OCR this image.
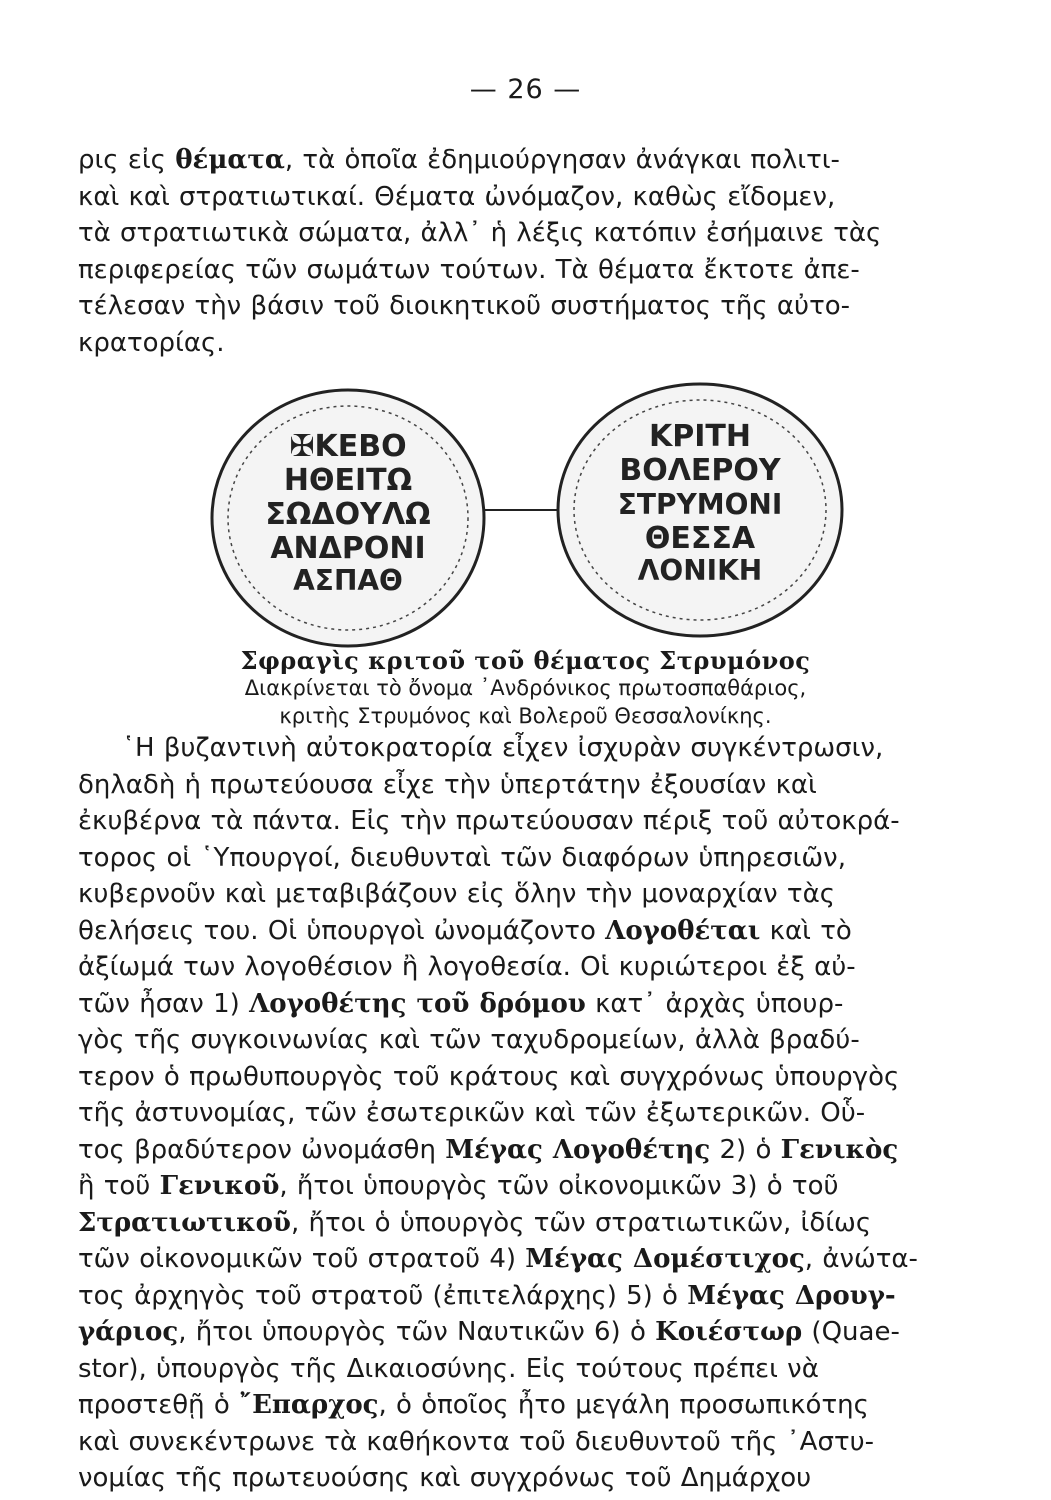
— 26 —
ρις εἰς θέματα, τὰ ὁποῖα ἐδημιούργησαν ἀνάγκαι πολιτι-
καὶ καὶ στρατιωτικαί. Θέματα ὠνόμαζον, καθὼς εἴδομεν,
τὰ στρατιωτικὰ σώματα, ἀλλ᾽ ἡ λέξις κατόπιν ἐσήμαινε τὰς
περιφερείας τῶν σωμάτων τούτων. Τὰ θέματα ἔκτοτε ἀπε-
τέλεσαν τὴν βάσιν τοῦ διοικητικοῦ συστήματος τῆς αὐτο-
κρατορίας.
✠ΚΕΒΟ
ΗΘΕΙΤΩ
ΣΩΔΟΥΛΩ
ΑΝΔΡΟΝΙ
ΑΣΠΑΘ
ΚΡΙΤΗ
ΒΟΛΕΡΟΥ
ΣΤΡΥΜΟΝΙ
ΘΕΣΣΑ
ΛΟΝΙΚΗ

Σφραγὶς κριτοῦ τοῦ θέματος Στρυμόνος

Διακρίνεται τὸ ὄνομα ᾽Ανδρόνικος πρωτοσπαθάριος,

κριτὴς Στρυμόνος καὶ Βολεροῦ Θεσσαλονίκης.

῾Η βυζαντινὴ αὐτοκρατορία εἶχεν ἰσχυρὰν συγκέντρωσιν,
δηλαδὴ ἡ πρωτεύουσα εἶχε τὴν ὑπερτάτην ἐξουσίαν καὶ
ἐκυβέρνα τὰ πάντα. Εἰς τὴν πρωτεύουσαν πέριξ τοῦ αὐτοκρά-
τορος οἱ ῾Υπουργοί, διευθυνταὶ τῶν διαφόρων ὑπηρεσιῶν,
κυβερνοῦν καὶ μεταβιβάζουν εἰς ὅλην τὴν μοναρχίαν τὰς
θελήσεις του. Οἱ ὑπουργοὶ ὠνομάζοντο Λογοθέται καὶ τὸ
ἀξίωμά των λογοθέσιον ἢ λογοθεσία. Οἱ κυριώτεροι ἐξ αὐ-
τῶν ἦσαν 1) Λογοθέτης τοῦ δρόμου κατ᾽ ἀρχὰς ὑπουρ-
γὸς τῆς συγκοινωνίας καὶ τῶν ταχυδρομείων, ἀλλὰ βραδύ-
τερον ὁ πρωθυπουργὸς τοῦ κράτους καὶ συγχρόνως ὑπουργὸς
τῆς ἀστυνομίας, τῶν ἐσωτερικῶν καὶ τῶν ἐξωτερικῶν. Οὗ-
τος βραδύτερον ὠνομάσθη Μέγας Λογοθέτης 2) ὁ Γενικὸς
ἢ τοῦ Γενικοῦ, ἤτοι ὑπουργὸς τῶν οἰκονομικῶν 3) ὁ τοῦ
Στρατιωτικοῦ, ἤτοι ὁ ὑπουργὸς τῶν στρατιωτικῶν, ἰδίως
τῶν οἰκονομικῶν τοῦ στρατοῦ 4) Μέγας Δομέστιχος, ἀνώτα-
τος ἀρχηγὸς τοῦ στρατοῦ (ἐπιτελάρχης) 5) ὁ Μέγας Δρουγ-
γάριος, ἤτοι ὑπουργὸς τῶν Ναυτικῶν 6) ὁ Κοιέστωρ (Quae-
stor), ὑπουργὸς τῆς Δικαιοσύνης. Εἰς τούτους πρέπει νὰ
προστεθῇ ὁ ῎Επαρχος, ὁ ὁποῖος ἦτο μεγάλη προσωπικότης
καὶ συνεκέντρωνε τὰ καθήκοντα τοῦ διευθυντοῦ τῆς ᾽Αστυ-
νομίας τῆς πρωτευούσης καὶ συγχρόνως τοῦ Δημάρχου
